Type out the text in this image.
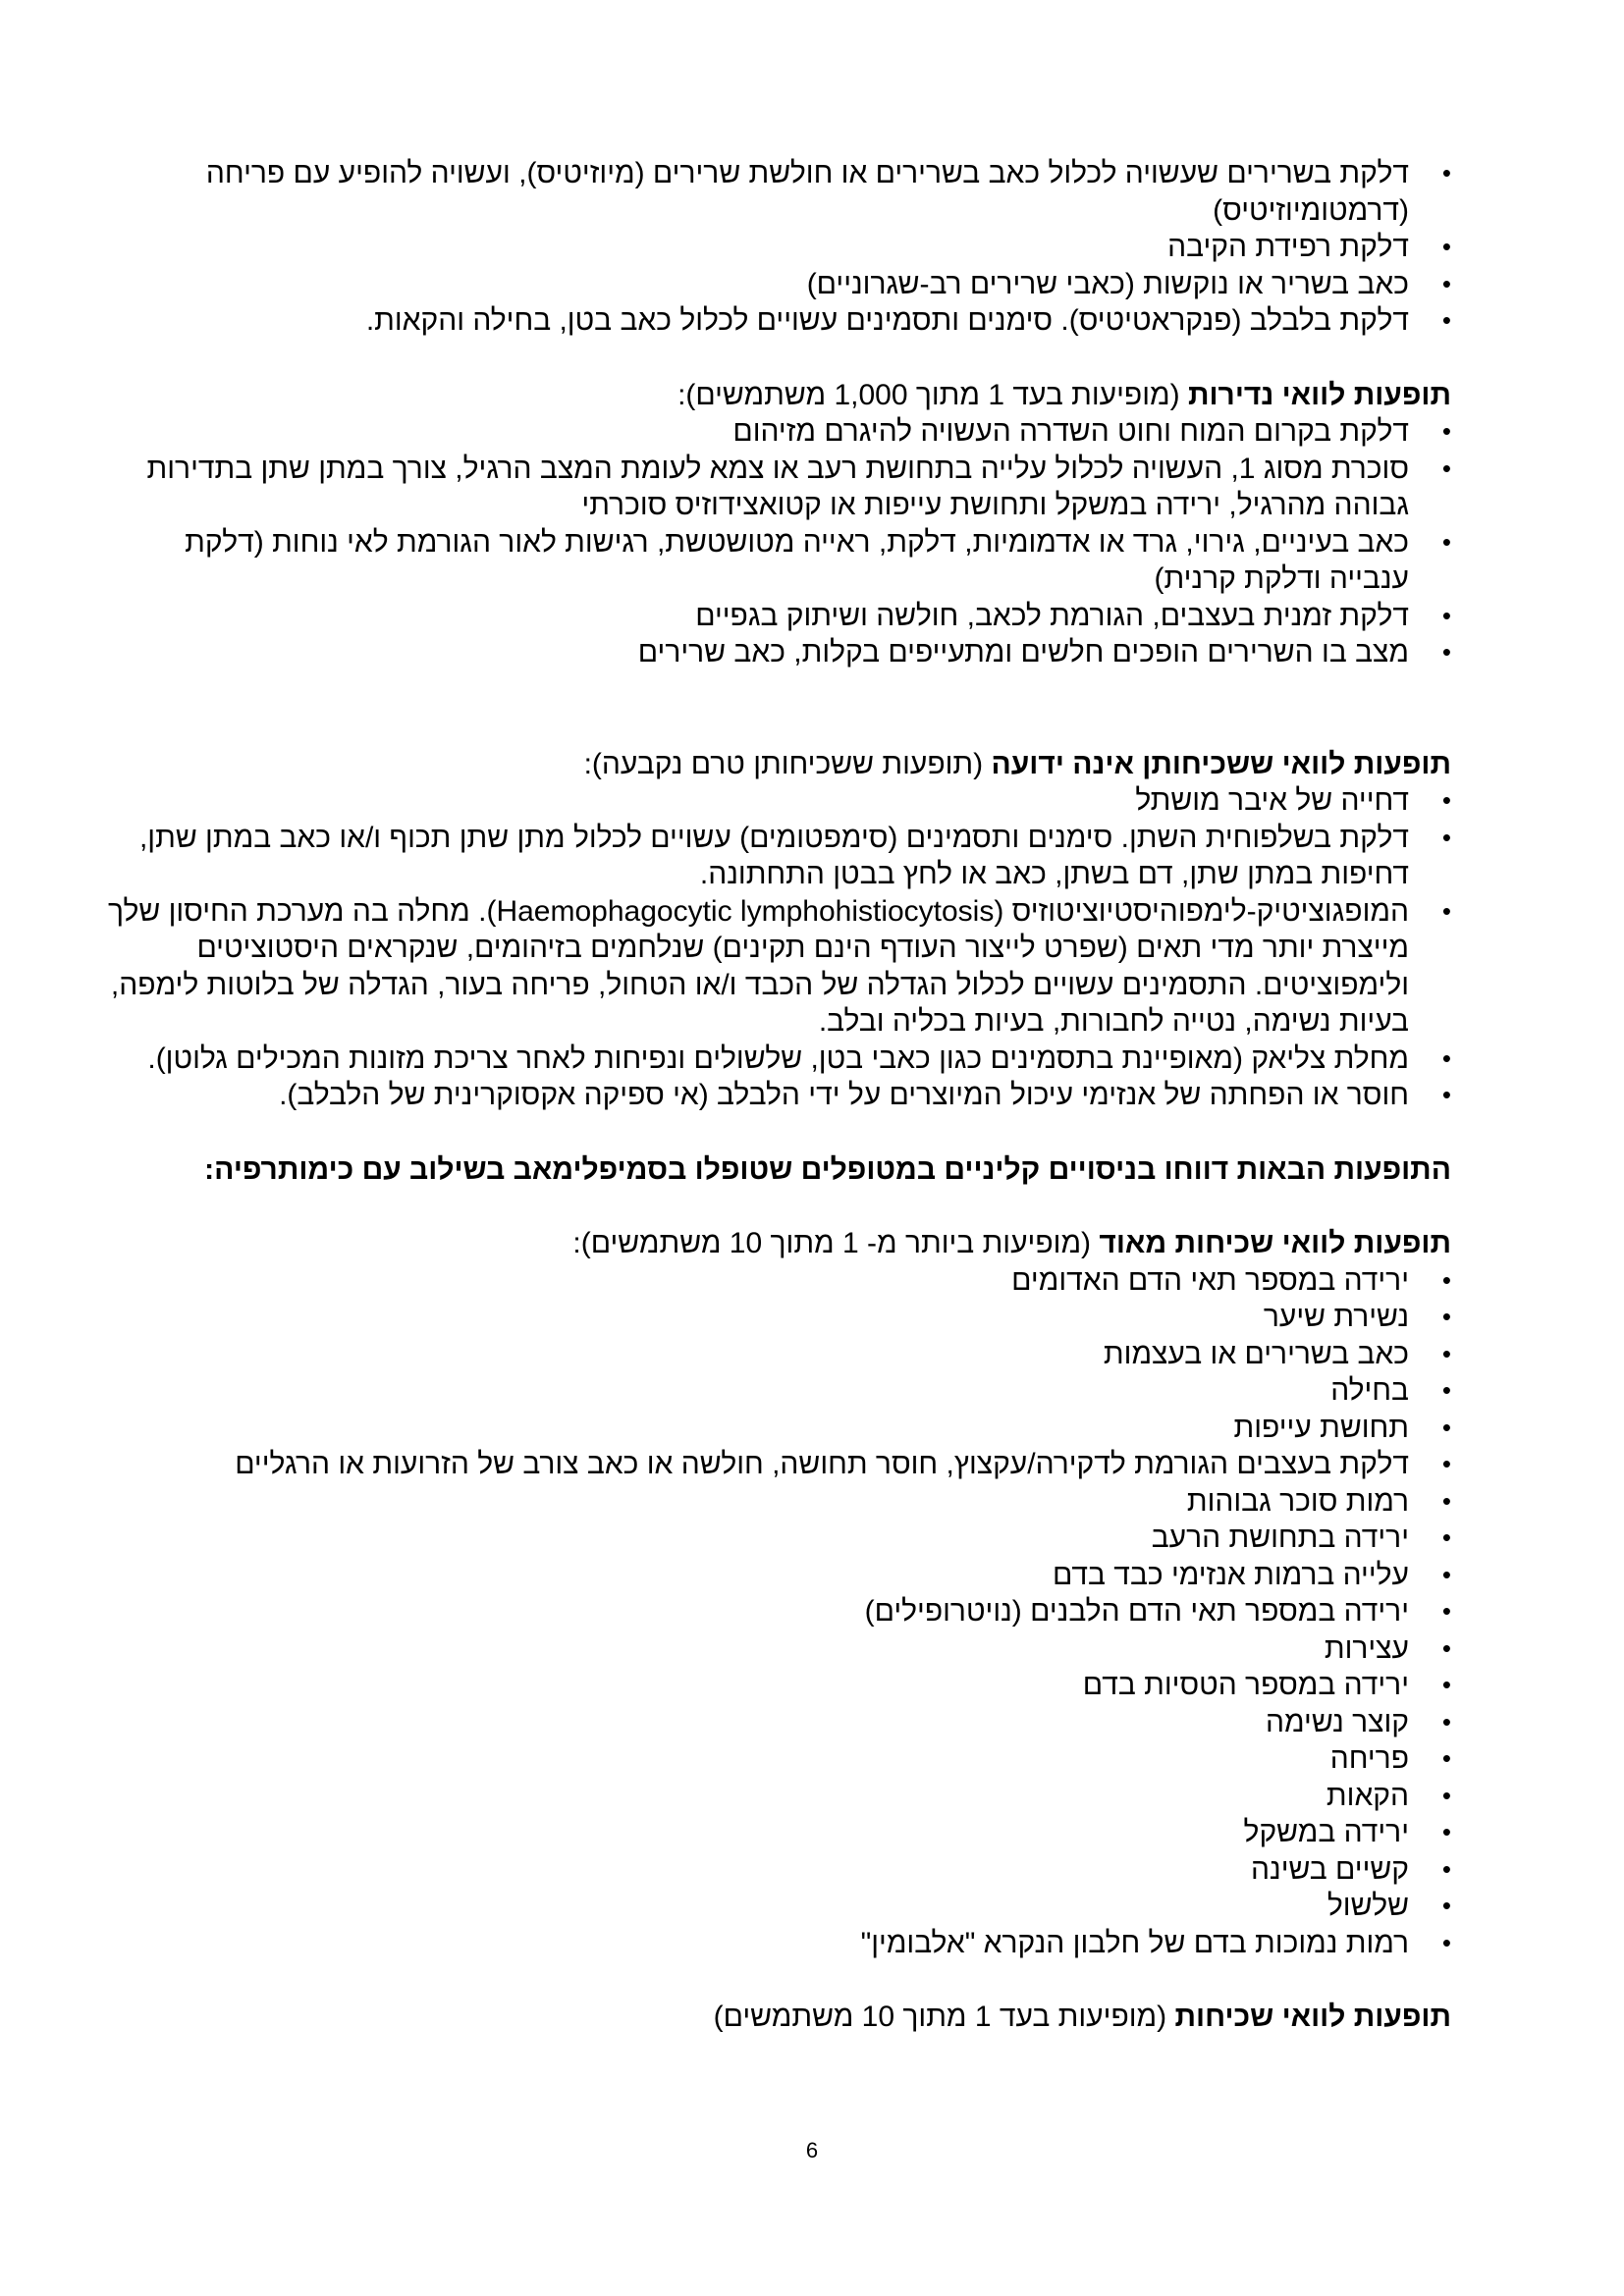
• דלקת בשרירים שעשויה לכלול כאב בשרירים או חולשת שרירים (מיוזיטיס), ועשויה להופיע עם פריחה (דרמטומיוזיטיס)
• דלקת רפידת הקיבה
• כאב בשריר או נוקשות (כאבי שרירים רב-שגרוניים)
• דלקת בלבלב (פנקראטיטיס). סימנים ותסמינים עשויים לכלול כאב בטן, בחילה והקאות.
תופעות לוואי נדירות (מופיעות בעד 1 מתוך 1,000 משתמשים):
• דלקת בקרום המוח וחוט השדרה העשויה להיגרם מזיהום
• סוכרת מסוג 1, העשויה לכלול עלייה בתחושת רעב או צמא לעומת המצב הרגיל, צורך במתן שתן בתדירות גבוהה מהרגיל, ירידה במשקל ותחושת עייפות או קטואצידוזיס סוכרתי
• כאב בעיניים, גירוי, גרד או אדמומיות, דלקת, ראייה מטושטשת, רגישות לאור הגורמת לאי נוחות (דלקת ענבייה ודלקת קרנית)
• דלקת זמנית בעצבים, הגורמת לכאב, חולשה ושיתוק בגפיים
• מצב בו השרירים הופכים חלשים ומתעייפים בקלות, כאב שרירים
תופעות לוואי ששכיחותן אינה ידועה (תופעות ששכיחותן טרם נקבעה):
• דחייה של איבר מושתל
• דלקת בשלפוחית השתן. סימנים ותסמינים (סימפטומים) עשויים לכלול מתן שתן תכוף ו/או כאב במתן שתן, דחיפות במתן שתן, דם בשתן, כאב או לחץ בבטן התחתונה.
• המופגוציטיק-לימפוהיסטיוציטוזיס (Haemophagocytic lymphohistiocytosis). מחלה בה מערכת החיסון שלך מייצרת יותר מדי תאים (שפרט לייצור העודף הינם תקינים) שנלחמים בזיהומים, שנקראים היסטוציטים ולימפוציטים. התסמינים עשויים לכלול הגדלה של הכבד ו/או הטחול, פריחה בעור, הגדלה של בלוטות לימפה, בעיות נשימה, נטייה לחבורות, בעיות בכליה ובלב.
• מחלת צליאק (מאופיינת בתסמינים כגון כאבי בטן, שלשולים ונפיחות לאחר צריכת מזונות המכילים גלוטן).
• חוסר או הפחתה של אנזימי עיכול המיוצרים על ידי הלבלב (אי ספיקה אקסוקרינית של הלבלב).
התופעות הבאות דווחו בניסויים קליניים במטופלים שטופלו בסמיפלימאב בשילוב עם כימותרפיה:
תופעות לוואי שכיחות מאוד (מופיעות ביותר מ- 1 מתוך 10 משתמשים):
• ירידה במספר תאי הדם האדומים
• נשירת שיער
• כאב בשרירים או בעצמות
• בחילה
• תחושת עייפות
• דלקת בעצבים הגורמת לדקירה/עקצוץ, חוסר תחושה, חולשה או כאב צורב של הזרועות או הרגליים
• רמות סוכר גבוהות
• ירידה בתחושת הרעב
• עלייה ברמות אנזימי כבד בדם
• ירידה במספר תאי הדם הלבנים (נויטרופילים)
• עצירות
• ירידה במספר הטסיות בדם
• קוצר נשימה
• פריחה
• הקאות
• ירידה במשקל
• קשיים בשינה
• שלשול
• רמות נמוכות בדם של חלבון הנקרא "אלבומין"
תופעות לוואי שכיחות (מופיעות בעד 1 מתוך 10 משתמשים)
6
